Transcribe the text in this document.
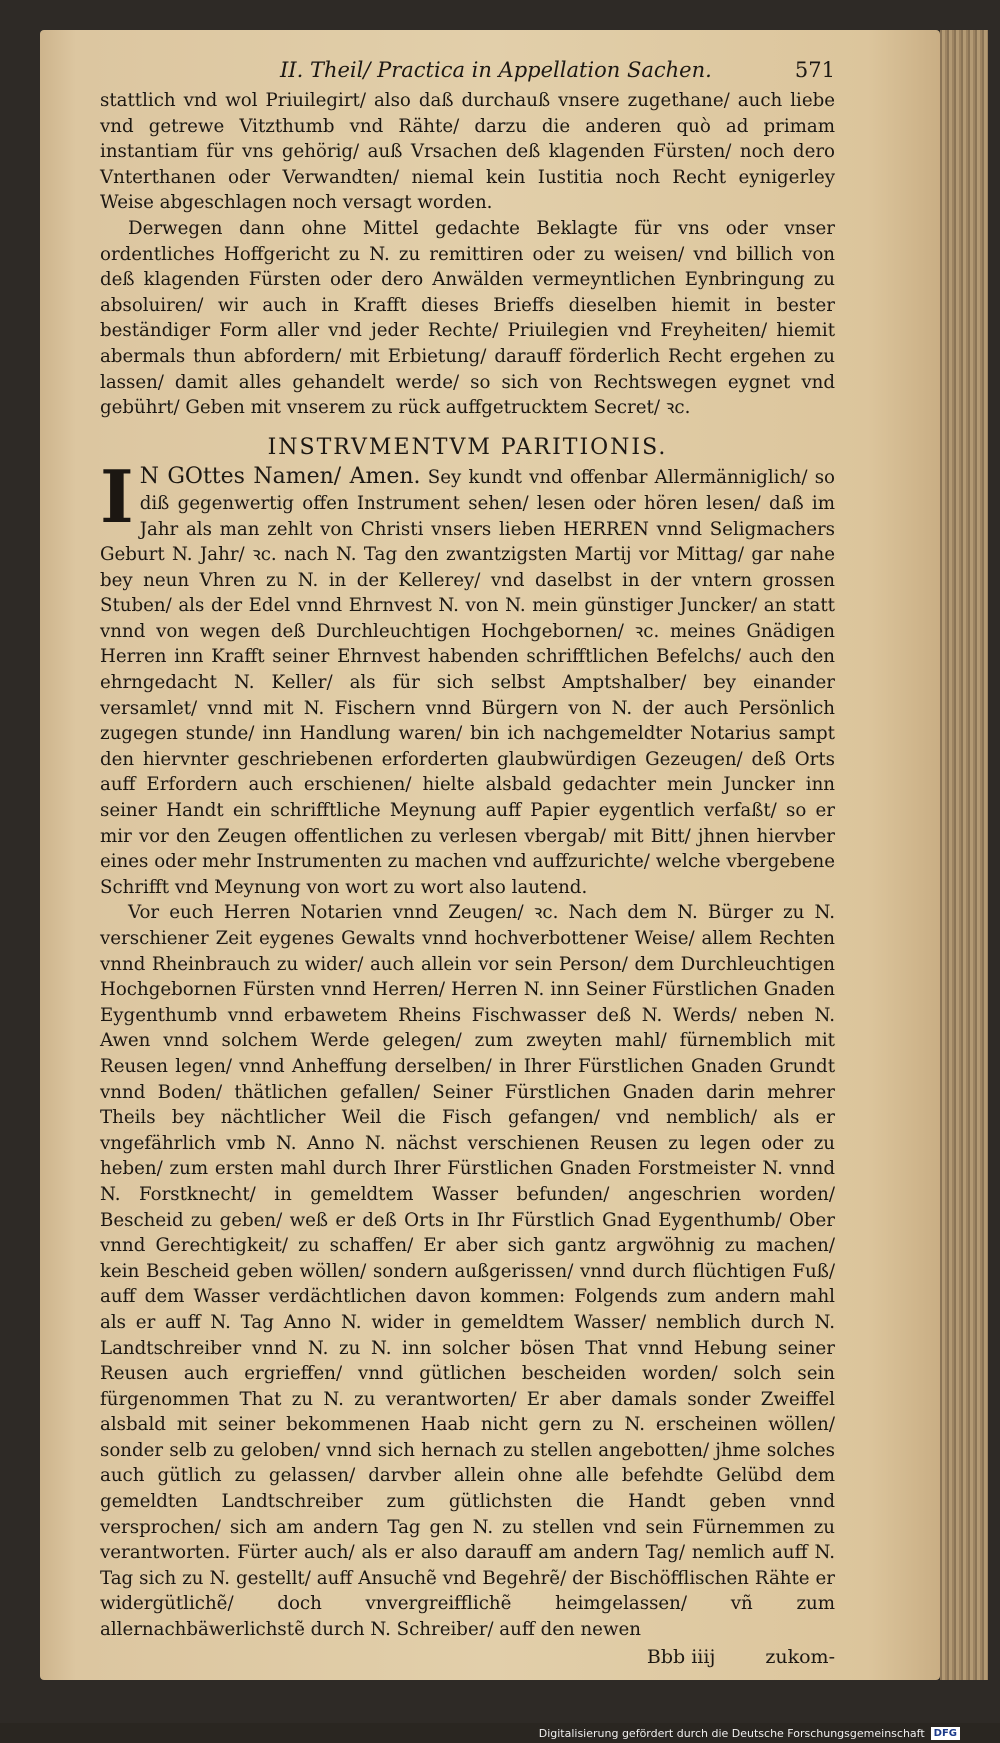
II. Theil/ Practica in Appellation Sachen.	571

stattlich vnd wol Priuilegirt/ also daß durchauß vnsere zugethane/ auch liebe vnd getrewe Vitzthumb vnd Rähte/ darzu die anderen quò ad primam instantiam für vns gehörig/ auß Vrsachen deß klagenden Fürsten/ noch dero Vnterthanen oder Verwandten/ niemal kein Iustitia noch Recht eynigerley Weise abgeschlagen noch versagt worden.

Derwegen dann ohne Mittel gedachte Beklagte für vns oder vnser ordentliches Hoffgericht zu N. zu remittiren oder zu weisen/ vnd billich von deß klagenden Fürsten oder dero Anwälden vermeyntlichen Eynbringung zu absoluiren/ wir auch in Krafft dieses Brieffs dieselben hiemit in bester beständiger Form aller vnd jeder Rechte/ Priuilegien vnd Freyheiten/ hiemit abermals thun abfordern/ mit Erbietung/ darauff förderlich Recht ergehen zu lassen/ damit alles gehandelt werde/ so sich von Rechtswegen eygnet vnd gebührt/ Geben mit vnserem zu rück auffgetrucktem Secret/ ꝛc.

INSTRVMENTVM PARITIONIS.

I N GOttes Namen/ Amen. Sey kundt vnd offenbar Allermänniglich/ so diß gegenwertig offen Instrument sehen/ lesen oder hören lesen/ daß im Jahr als man zehlt von Christi vnsers lieben HERREN vnnd Seligmachers Geburt N. Jahr/ ꝛc. nach N. Tag den zwantzigsten Martij vor Mittag/ gar nahe bey neun Vhren zu N. in der Kellerey/ vnd daselbst in der vntern grossen Stuben/ als der Edel vnnd Ehrnvest N. von N. mein günstiger Juncker/ an statt vnnd von wegen deß Durchleuchtigen Hochgebornen/ ꝛc. meines Gnädigen Herren inn Krafft seiner Ehrnvest habenden schrifftlichen Befelchs/ auch den ehrngedacht N. Keller/ als für sich selbst Amptshalber/ bey einander versamlet/ vnnd mit N. Fischern vnnd Bürgern von N. der auch Persönlich zugegen stunde/ inn Handlung waren/ bin ich nachgemeldter Notarius sampt den hiervnter geschriebenen erforderten glaubwürdigen Gezeugen/ deß Orts auff Erfordern auch erschienen/ hielte alsbald gedachter mein Juncker inn seiner Handt ein schrifftliche Meynung auff Papier eygentlich verfaßt/ so er mir vor den Zeugen offentlichen zu verlesen vbergab/ mit Bitt/ jhnen hiervber eines oder mehr Instrumenten zu machen vnd auffzurichte/ welche vbergebene Schrifft vnd Meynung von wort zu wort also lautend.

Vor euch Herren Notarien vnnd Zeugen/ ꝛc. Nach dem N. Bürger zu N. verschiener Zeit eygenes Gewalts vnnd hochverbottener Weise/ allem Rechten vnnd Rheinbrauch zu wider/ auch allein vor sein Person/ dem Durchleuchtigen Hochgebornen Fürsten vnnd Herren/ Herren N. inn Seiner Fürstlichen Gnaden Eygenthumb vnnd erbawetem Rheins Fischwasser deß N. Werds/ neben N. Awen vnnd solchem Werde gelegen/ zum zweyten mahl/ fürnemblich mit Reusen legen/ vnnd Anheffung derselben/ in Ihrer Fürstlichen Gnaden Grundt vnnd Boden/ thätlichen gefallen/ Seiner Fürstlichen Gnaden darin mehrer Theils bey nächtlicher Weil die Fisch gefangen/ vnd nemblich/ als er vngefährlich vmb N. Anno N. nächst verschienen Reusen zu legen oder zu heben/ zum ersten mahl durch Ihrer Fürstlichen Gnaden Forstmeister N. vnnd N. Forstknecht/ in gemeldtem Wasser befunden/ angeschrien worden/ Bescheid zu geben/ weß er deß Orts in Ihr Fürstlich Gnad Eygenthumb/ Ober vnnd Gerechtigkeit/ zu schaffen/ Er aber sich gantz argwöhnig zu machen/ kein Bescheid geben wöllen/ sondern außgerissen/ vnnd durch flüchtigen Fuß/ auff dem Wasser verdächtlichen davon kommen: Folgends zum andern mahl als er auff N. Tag Anno N. wider in gemeldtem Wasser/ nemblich durch N. Landtschreiber vnnd N. zu N. inn solcher bösen That vnnd Hebung seiner Reusen auch ergrieffen/ vnnd gütlichen bescheiden worden/ solch sein fürgenommen That zu N. zu verantworten/ Er aber damals sonder Zweiffel alsbald mit seiner bekommenen Haab nicht gern zu N. erscheinen wöllen/ sonder selb zu geloben/ vnnd sich hernach zu stellen angebotten/ jhme solches auch gütlich zu gelassen/ darvber allein ohne alle befehdte Gelübd dem gemeldten Landtschreiber zum gütlichsten die Handt geben vnnd versprochen/ sich am andern Tag gen N. zu stellen vnd sein Fürnemmen zu verantworten. Fürter auch/ als er also darauff am andern Tag/ nemlich auff N. Tag sich zu N. gestellt/ auff Ansuchẽ vnd Begehrẽ/ der Bischöfflischen Rähte er widergütlichẽ/ doch vnvergreifflichẽ heimgelassen/ vñ zum allernachbäwerlichstẽ durch N. Schreiber/ auff den newen

Bbb iiij	zukom-
Digitalisierung gefördert durch die Deutsche Forschungsgemeinschaft DFG
